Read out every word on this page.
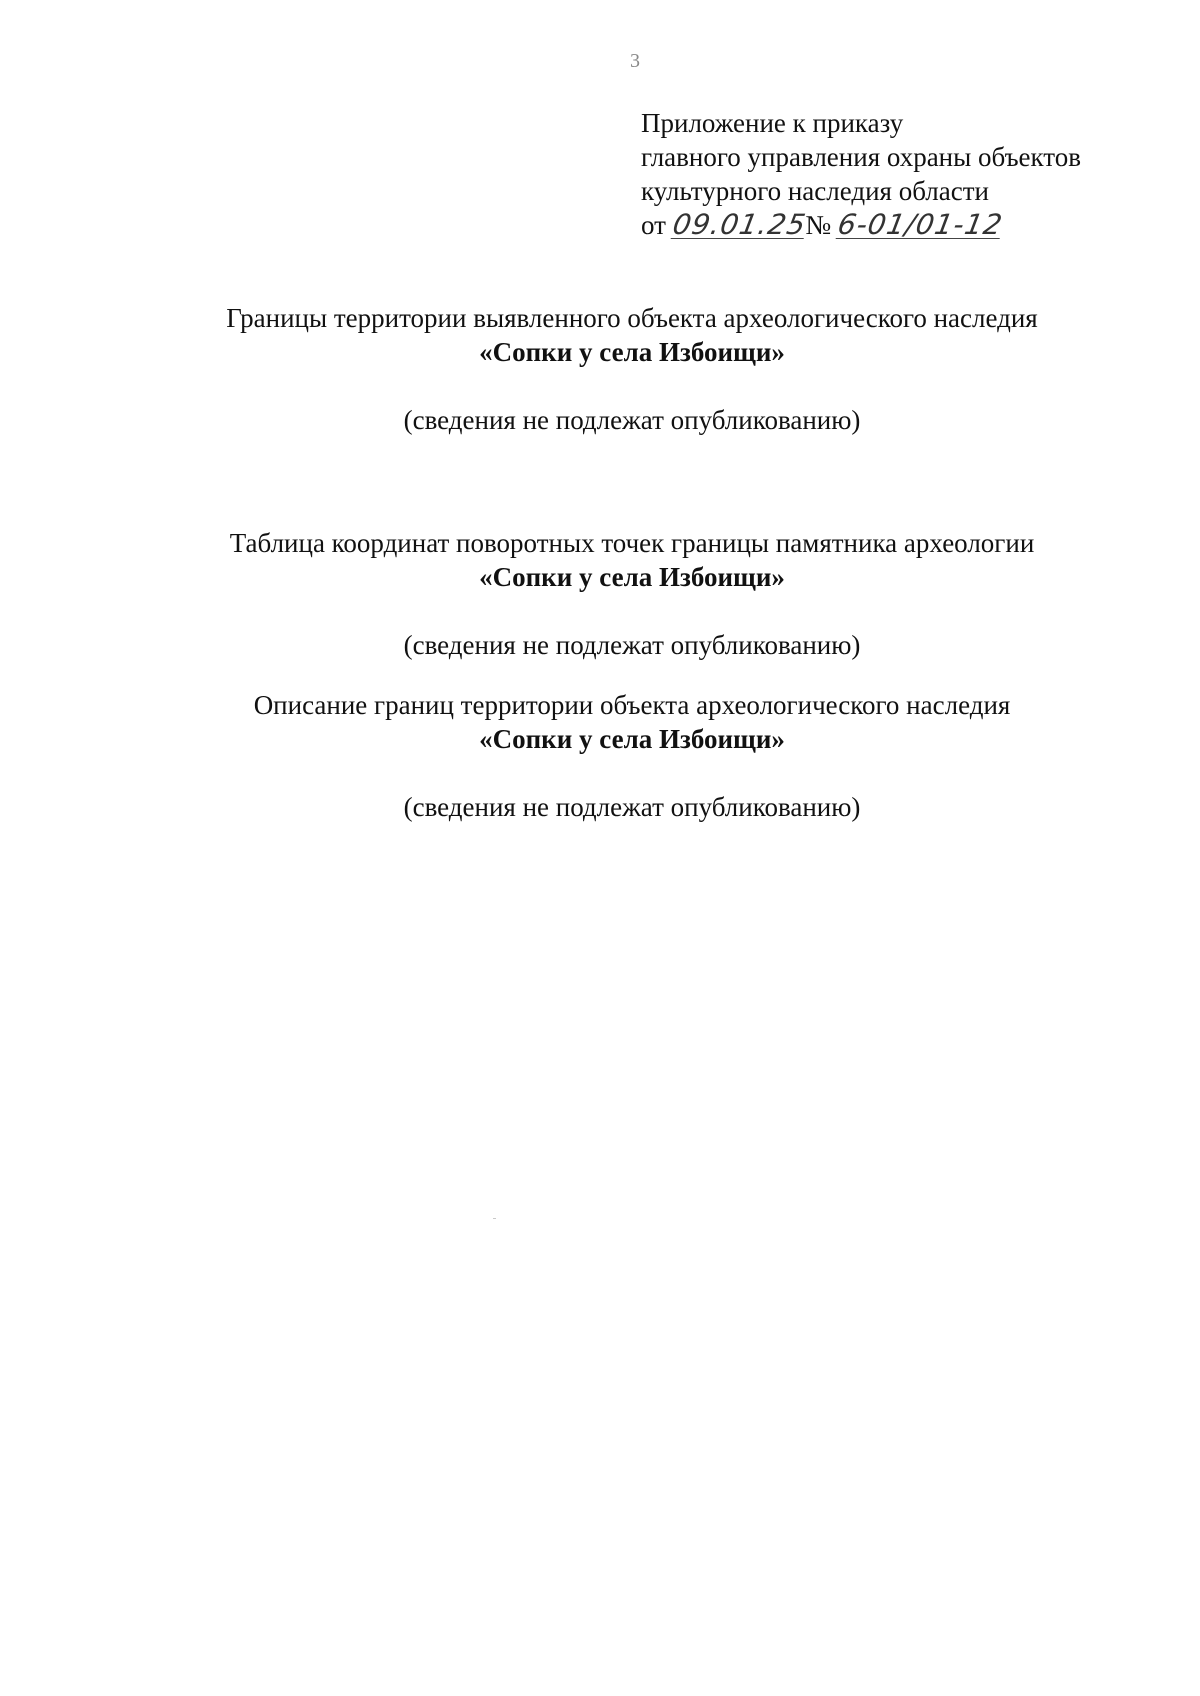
3
Приложение к приказу
главного управления охраны объектов
культурного наследия области
от 09.01.25№ 6-01/01-12
Границы территории выявленного объекта археологического наследия
«Сопки у села Избоищи»
(сведения не подлежат опубликованию)
Таблица координат поворотных точек границы памятника археологии
«Сопки у села Избоищи»
(сведения не подлежат опубликованию)
Описание границ территории объекта археологического наследия
«Сопки у села Избоищи»
(сведения не подлежат опубликованию)
